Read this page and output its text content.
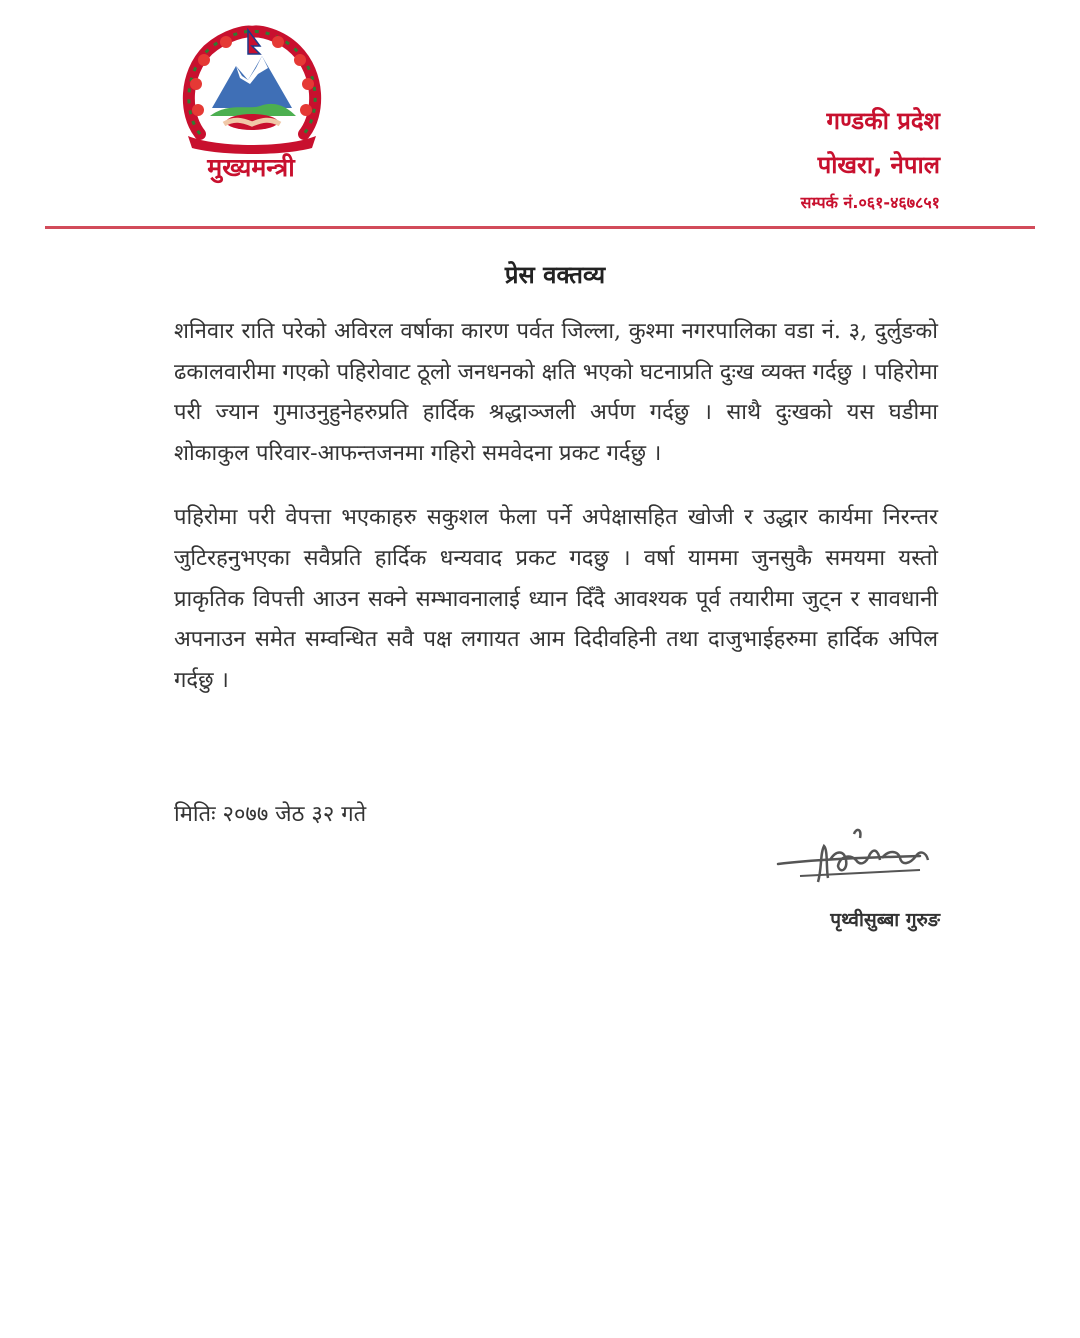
मुख्यमन्त्री
गण्डकी प्रदेश
पोखरा, नेपाल
सम्पर्क नं.०६१-४६७८५१
प्रेस वक्तव्य

शनिवार राति परेको अविरल वर्षाका कारण पर्वत जिल्ला, कुश्मा नगरपालिका वडा नं. ३, दुर्लुङको ढकालवारीमा गएको पहिरोवाट ठूलो जनधनको क्षति भएको घटनाप्रति दुःख व्यक्त गर्दछु । पहिरोमा परी ज्यान गुमाउनुहुनेहरुप्रति हार्दिक श्रद्धाञ्जली अर्पण गर्दछु । साथै दुःखको यस घडीमा शोकाकुल परिवार-आफन्तजनमा गहिरो समवेदना प्रकट गर्दछु ।

पहिरोमा परी वेपत्ता भएकाहरु सकुशल फेला पर्ने अपेक्षासहित खोजी र उद्धार कार्यमा निरन्तर जुटिरहनुभएका सवैप्रति हार्दिक धन्यवाद प्रकट गदछु । वर्षा याममा जुनसुकै समयमा यस्तो प्राकृतिक विपत्ती आउन सक्ने सम्भावनालाई ध्यान दिँदै आवश्यक पूर्व तयारीमा जुट्न र सावधानी अपनाउन समेत सम्वन्धित सवै पक्ष लगायत आम दिदीवहिनी तथा दाजुभाईहरुमा हार्दिक अपिल गर्दछु ।

मितिः २०७७ जेठ ३२ गते
पृथ्वीसुब्बा गुरुङ
